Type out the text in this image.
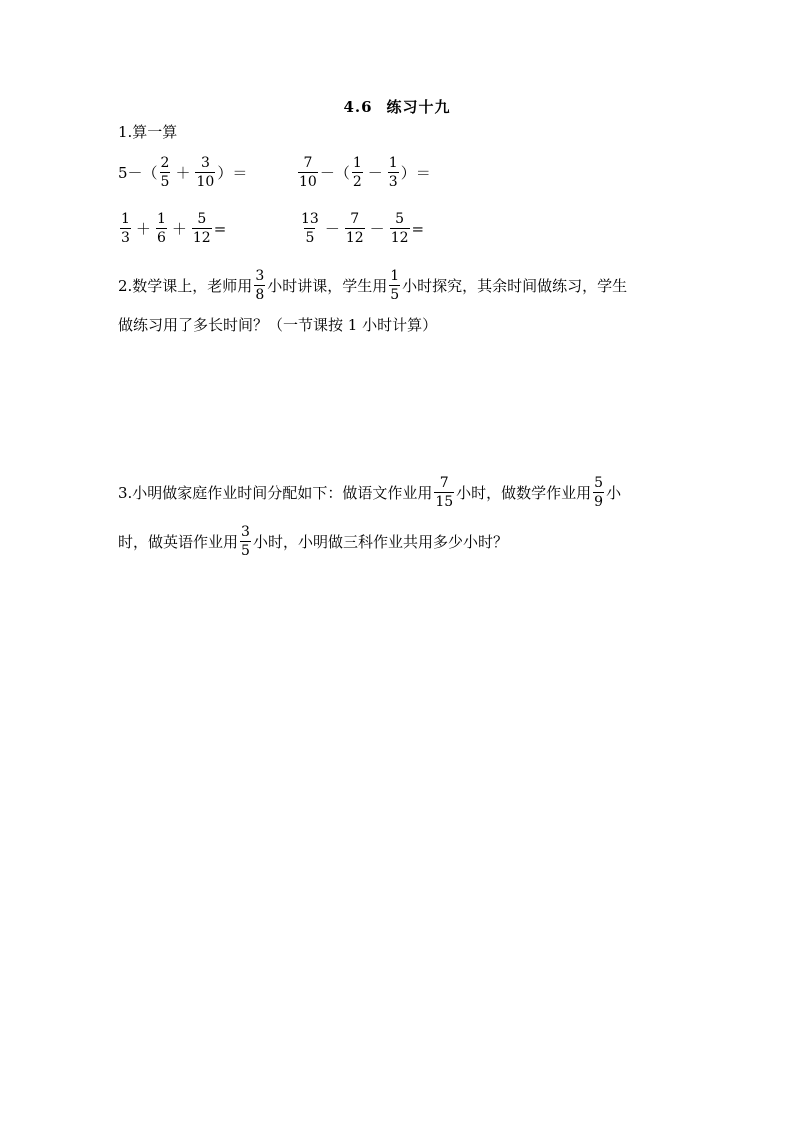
4.6 练习十九
1.算一算
$5-( \frac{2}{5} + \frac{3}{10}$ ）＝	$\frac{7}{10}$ －（ $\frac{1}{2} - \frac{1}{3}$ ）＝
$\frac{1}{3} + \frac{1}{6} + \frac{5}{12}$ =	$\frac{13}{5} - \frac{7}{12} - \frac{5}{12}$ =
2.数学课上，老师用 $\frac{3}{8}$ 小时讲课，学生用 $\frac{1}{5}$ 小时探究，其余时间做练习，学生
做练习用了多长时间？（一节课按 1 小时计算）
3.小明做家庭作业时间分配如下：做语文作业用 $\frac{7}{15}$ 小时，做数学作业用 $\frac{5}{9}$ 小
时，做英语作业用 $\frac{3}{5}$ 小时，小明做三科作业共用多少小时？
